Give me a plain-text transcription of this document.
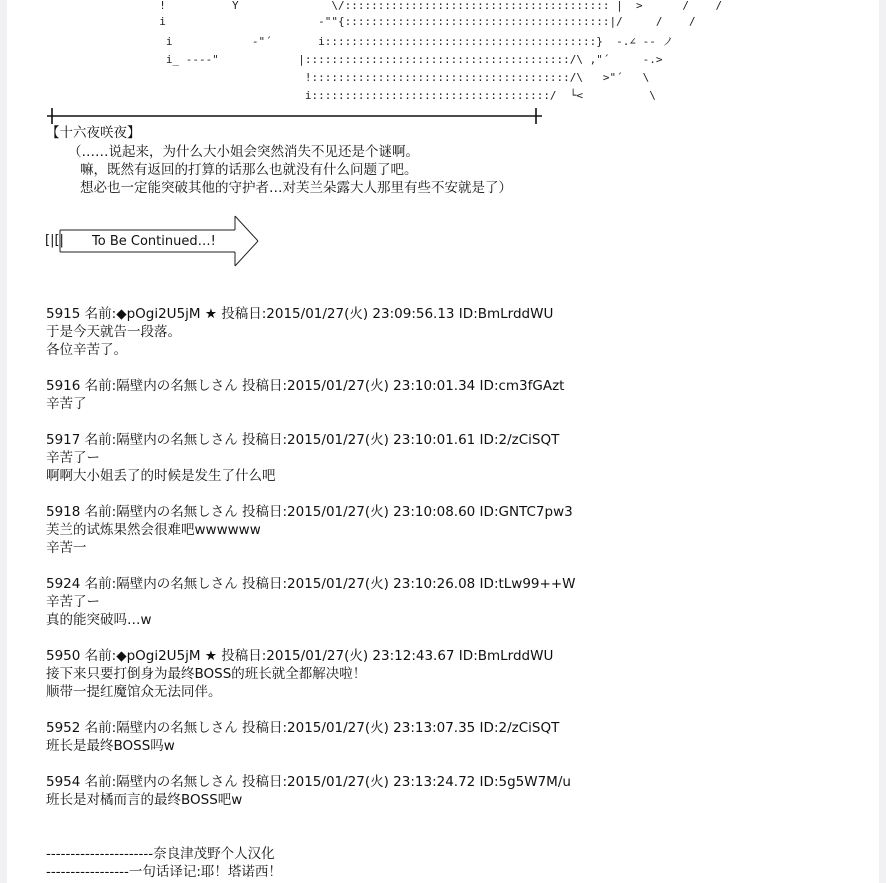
!          Y              \/:::::::::::::::::::::::::::::::::::::::: |  >      /    /
i                       -""{::::::::::::::::::::::::::::::::::::::::|/     /    /
i            -"´       i:::::::::::::::::::::::::::::::::::::::::}  -.∠ -- ノ
i_ --‐‐"            |::::::::::::::::::::::::::::::::::::::::/\ ,"´     -.>
!:::::::::::::::::::::::::::::::::::::::/\   >"´   \
i::::::::::::::::::::::::::::::::::::/  └<          \
【十六夜咲夜】
（……说起来，为什么大小姐会突然消失不见还是个谜啊。
嘛，既然有返回的打算的话那么也就没有什么问题了吧。
想必也一定能突破其他的守护者…对芙兰朵露大人那里有些不安就是了）
[|[| To Be Continued…!
5915 名前:◆pOgi2U5jM ★ 投稿日:2015/01/27(火) 23:09:56.13 ID:BmLrddWU
于是今天就告一段落。
各位辛苦了。
5916 名前:隔壁内の名無しさん 投稿日:2015/01/27(火) 23:10:01.34 ID:cm3fGAzt
辛苦了
5917 名前:隔壁内の名無しさん 投稿日:2015/01/27(火) 23:10:01.61 ID:2/zCiSQT
辛苦了ー
啊啊大小姐丢了的时候是发生了什么吧
5918 名前:隔壁内の名無しさん 投稿日:2015/01/27(火) 23:10:08.60 ID:GNTC7pw3
芙兰的试炼果然会很难吧wwwwww
辛苦一
5924 名前:隔壁内の名無しさん 投稿日:2015/01/27(火) 23:10:26.08 ID:tLw99++W
辛苦了ー
真的能突破吗…w
5950 名前:◆pOgi2U5jM ★ 投稿日:2015/01/27(火) 23:12:43.67 ID:BmLrddWU
接下来只要打倒身为最终BOSS的班长就全都解决啦！
顺带一提红魔馆众无法同伴。
5952 名前:隔壁内の名無しさん 投稿日:2015/01/27(火) 23:13:07.35 ID:2/zCiSQT
班长是最终BOSS吗w
5954 名前:隔壁内の名無しさん 投稿日:2015/01/27(火) 23:13:24.72 ID:5g5W7M/u
班长是对橘而言的最终BOSS吧w
----------------------奈良津茂野个人汉化
-----------------一句话译记:耶！塔诺西！
